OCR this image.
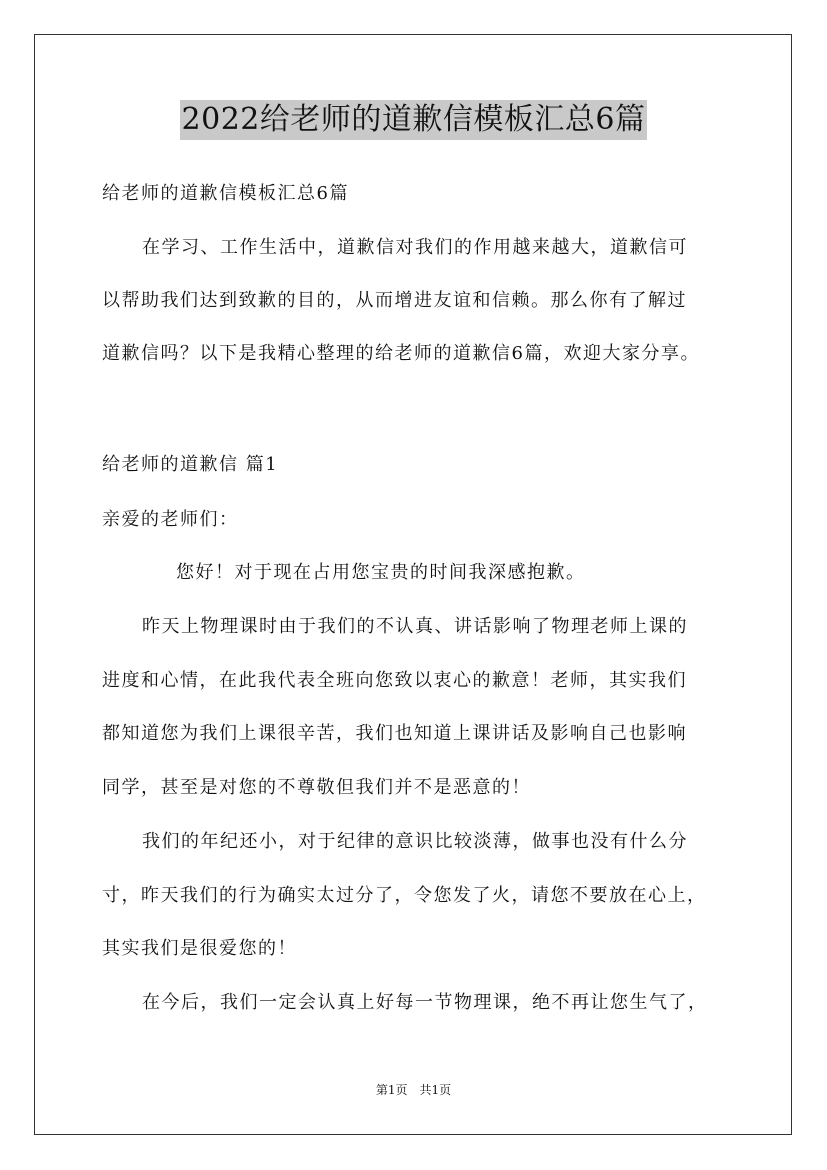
2022给老师的道歉信模板汇总6篇
给老师的道歉信模板汇总6篇
在学习、工作生活中，道歉信对我们的作用越来越大，道歉信可
以帮助我们达到致歉的目的，从而增进友谊和信赖。那么你有了解过
道歉信吗？以下是我精心整理的给老师的道歉信6篇，欢迎大家分享。
给老师的道歉信 篇1
亲爱的老师们：
您好！对于现在占用您宝贵的时间我深感抱歉。
昨天上物理课时由于我们的不认真、讲话影响了物理老师上课的
进度和心情，在此我代表全班向您致以衷心的歉意！老师，其实我们
都知道您为我们上课很辛苦，我们也知道上课讲话及影响自己也影响
同学，甚至是对您的不尊敬但我们并不是恶意的！
我们的年纪还小，对于纪律的意识比较淡薄，做事也没有什么分
寸，昨天我们的行为确实太过分了，令您发了火，请您不要放在心上，
其实我们是很爱您的！
在今后，我们一定会认真上好每一节物理课，绝不再让您生气了，
第1页　共1页
